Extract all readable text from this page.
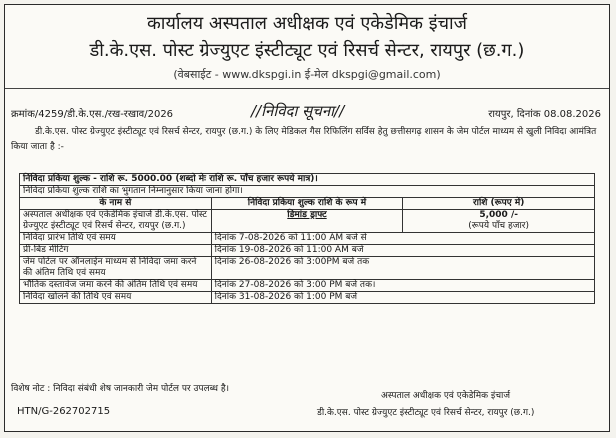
कार्यालय अस्पताल अधीक्षक एवं एकेडेमिक इंचार्ज
डी.के.एस. पोस्ट ग्रेज्युएट इंस्टीट्यूट एवं रिसर्च सेन्टर, रायपुर (छ.ग.)
(वेबसाईट - www.dkspgi.in ई-मेल dkspgi@gmail.com)
क्रमांक/4259/डी.के.एस./रख-रखाव/2026	//निविदा सूचना//	रायपुर, दिनांक 08.08.2026
डी.के.एस. पोस्ट ग्रेज्युएट इंस्टीट्यूट एवं रिसर्च सेन्टर, रायपुर (छ.ग.) के लिए मेडिकल गैस रिफिलिंग सर्विस हेतु छत्तीसगढ़ शासन के जेम पोर्टल माध्यम से खुली निविदा आमंत्रित किया जाता है :-
निविदा प्रकिया शुल्क - राशि रू. 5000.00 (शब्दो मेः राशि रू. पाँच हजार रूपये मात्र)।		
निविदा प्रकिया शुल्क राशि का भुगतान निम्नानुसार किया जाना होगा।		
के नाम से	निविदा प्रकिया शुल्क राशि के रूप में	राशि (रूपए में)
अस्पताल अधीक्षक एवं एकेडेमिक इंचार्ज डी.के.एस. पोस्ट ग्रेज्युएट इंस्टीट्यूट एवं रिसर्च सेन्टर, रायपुर (छ.ग.)	डिमांड ड्राफ्ट	5,000 /-
(रूपये पाँच हजार)

निविदा प्रारंभ तिथि एवं समय	दिनांक 7-08-2026 को 11:00 AM बजे से	
प्री-बिड मीटिंग	दिनांक 19-08-2026 को 11:00 AM बजे	
जेम पोर्टल पर ऑनलाईन माध्यम से निविदा जमा करने की अंतिम तिथि एवं समय	दिनांक 26-08-2026 को 3:00PM बजे तक	
भौतिक दस्तावेज जमा करने की अंतिम तिथि एवं समय	दिनांक 27-08-2026 को 3:00 PM बजे तक।	
निविदा खोलने की तिथि एवं समय	दिनांक 31-08-2026 को 1:00 PM बजे	
विशेष नोट : निविदा संबंधी शेष जानकारी जेम पोर्टल पर उपलब्ध है।
अस्पताल अधीक्षक एवं एकेडेमिक इंचार्ज
डी.के.एस. पोस्ट ग्रेज्युएट इंस्टीट्यूट एवं रिसर्च सेन्टर, रायपुर (छ.ग.)
HTN/G-262702715
